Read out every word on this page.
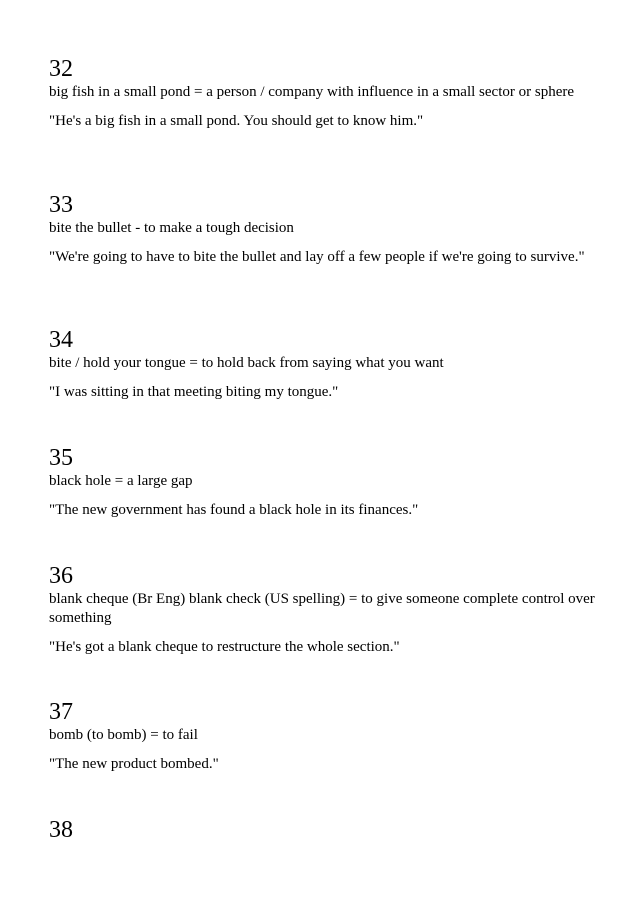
32
big fish in a small pond = a person / company with influence in a small sector or sphere
"He's a big fish in a small pond. You should get to know him."
33
bite the bullet - to make a tough decision
"We're going to have to bite the bullet and lay off a few people if we're going to survive."
34
bite / hold your tongue = to hold back from saying what you want
"I was sitting in that meeting biting my tongue."
35
black hole = a large gap
"The new government has found a black hole in its finances."
36
blank cheque (Br Eng) blank check (US spelling) = to give someone complete control over something
"He's got a blank cheque to restructure the whole section."
37
bomb (to bomb) = to fail
"The new product bombed."
38
